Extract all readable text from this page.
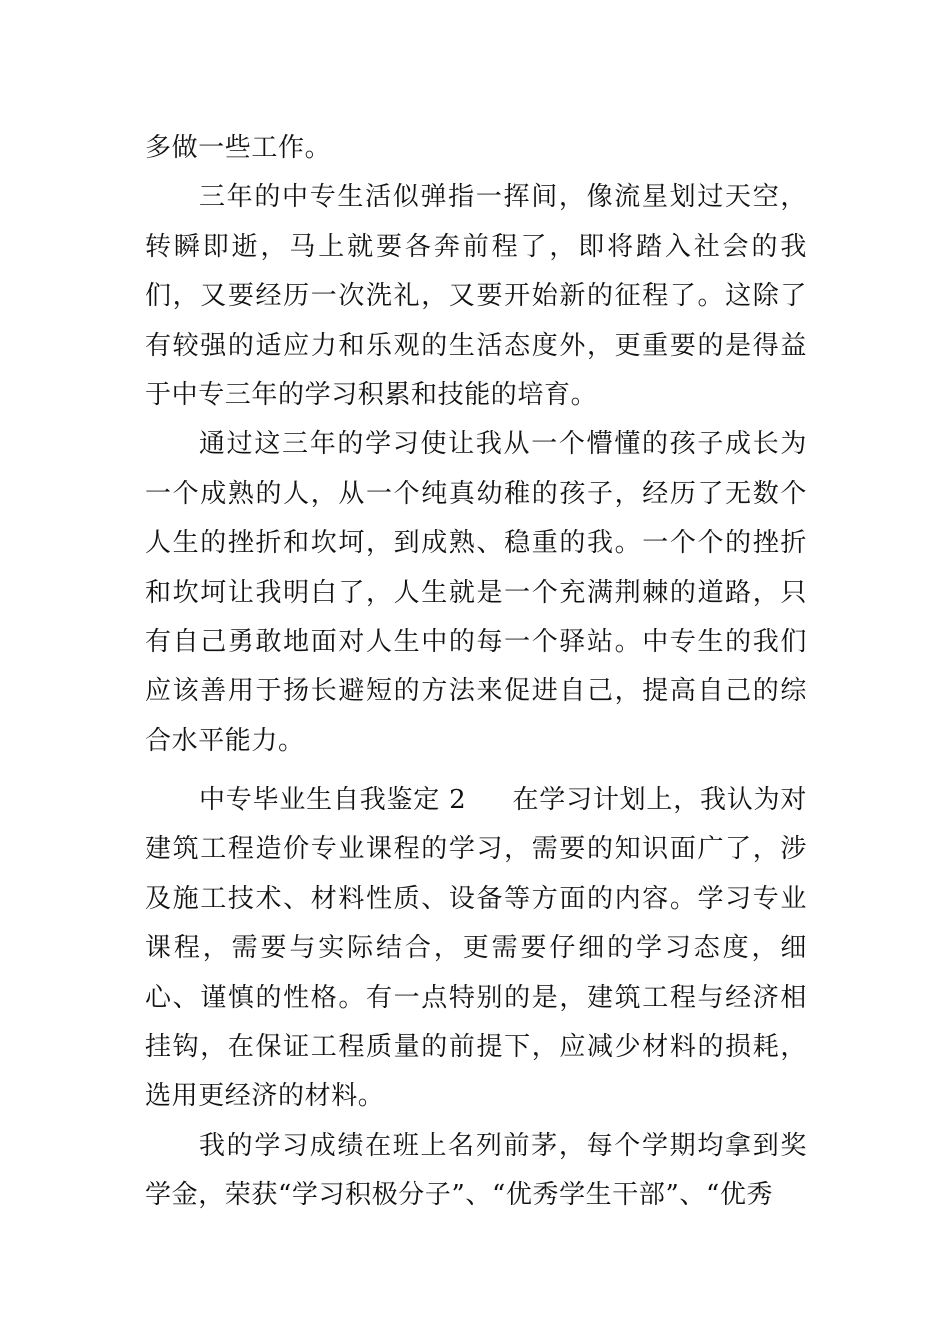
多做一些工作。

三年的中专生活似弹指一挥间，像流星划过天空，转瞬即逝，马上就要各奔前程了，即将踏入社会的我们，又要经历一次洗礼，又要开始新的征程了。这除了有较强的适应力和乐观的生活态度外，更重要的是得益于中专三年的学习积累和技能的培育。

通过这三年的学习使让我从一个懵懂的孩子成长为一个成熟的人，从一个纯真幼稚的孩子，经历了无数个人生的挫折和坎坷，到成熟、稳重的我。一个个的挫折和坎坷让我明白了，人生就是一个充满荆棘的道路，只有自己勇敢地面对人生中的每一个驿站。中专生的我们应该善用于扬长避短的方法来促进自己，提高自己的综合水平能力。

中专毕业生自我鉴定 2 在学习计划上，我认为对建筑工程造价专业课程的学习，需要的知识面广了，涉及施工技术、材料性质、设备等方面的内容。学习专业课程，需要与实际结合，更需要仔细的学习态度，细心、谨慎的性格。有一点特别的是，建筑工程与经济相挂钩，在保证工程质量的前提下，应减少材料的损耗，选用更经济的材料。

我的学习成绩在班上名列前茅，每个学期均拿到奖学金，荣获“学习积极分子”、“优秀学生干部”、“优秀
